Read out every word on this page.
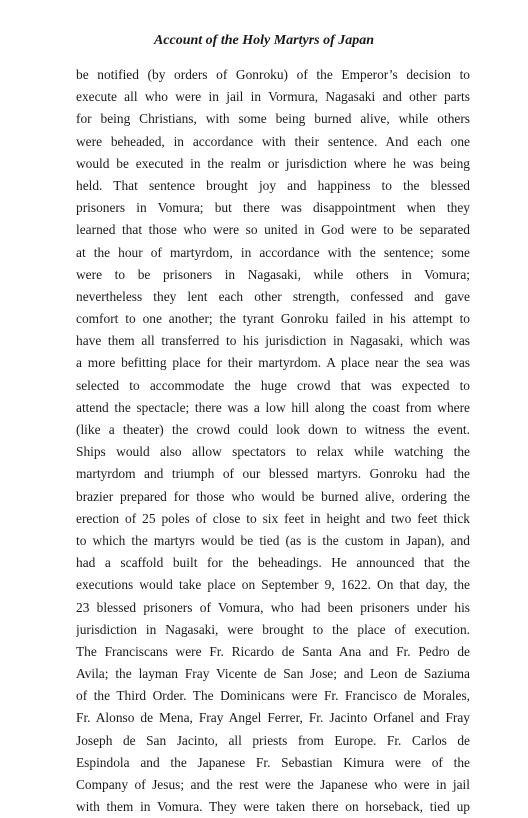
Account of the Holy Martyrs of Japan
be notified (by orders of Gonroku) of the Emperor’s decision to
execute all who were in jail in Vormura, Nagasaki and other parts
for being Christians, with some being burned alive, while others
were beheaded, in accordance with their sentence. And each one
would be executed in the realm or jurisdiction where he was being
held. That sentence brought joy and happiness to the blessed
prisoners in Vomura; but there was disappointment when they
learned that those who were so united in God were to be separated
at the hour of martyrdom, in accordance with the sentence; some
were to be prisoners in Nagasaki, while others in Vomura;
nevertheless they lent each other strength, confessed and gave
comfort to one another; the tyrant Gonroku failed in his attempt to
have them all transferred to his jurisdiction in Nagasaki, which was
a more befitting place for their martyrdom. A place near the sea was
selected to accommodate the huge crowd that was expected to
attend the spectacle; there was a low hill along the coast from where
(like a theater) the crowd could look down to witness the event.
Ships would also allow spectators to relax while watching the
martyrdom and triumph of our blessed martyrs. Gonroku had the
brazier prepared for those who would be burned alive, ordering the
erection of 25 poles of close to six feet in height and two feet thick
to which the martyrs would be tied (as is the custom in Japan), and
had a scaffold built for the beheadings. He announced that the
executions would take place on September 9, 1622. On that day, the
23 blessed prisoners of Vomura, who had been prisoners under his
jurisdiction in Nagasaki, were brought to the place of execution.
The Franciscans were Fr. Ricardo de Santa Ana and Fr. Pedro de
Avila; the layman Fray Vicente de San Jose; and Leon de Saziuma
of the Third Order. The Dominicans were Fr. Francisco de Morales,
Fr. Alonso de Mena, Fray Angel Ferrer, Fr. Jacinto Orfanel and Fray
Joseph de San Jacinto, all priests from Europe. Fr. Carlos de
Espindola and the Japanese Fr. Sebastian Kimura were of the
Company of Jesus; and the rest were the Japanese who were in jail
with them in Vomura. They were taken there on horseback, tied up
